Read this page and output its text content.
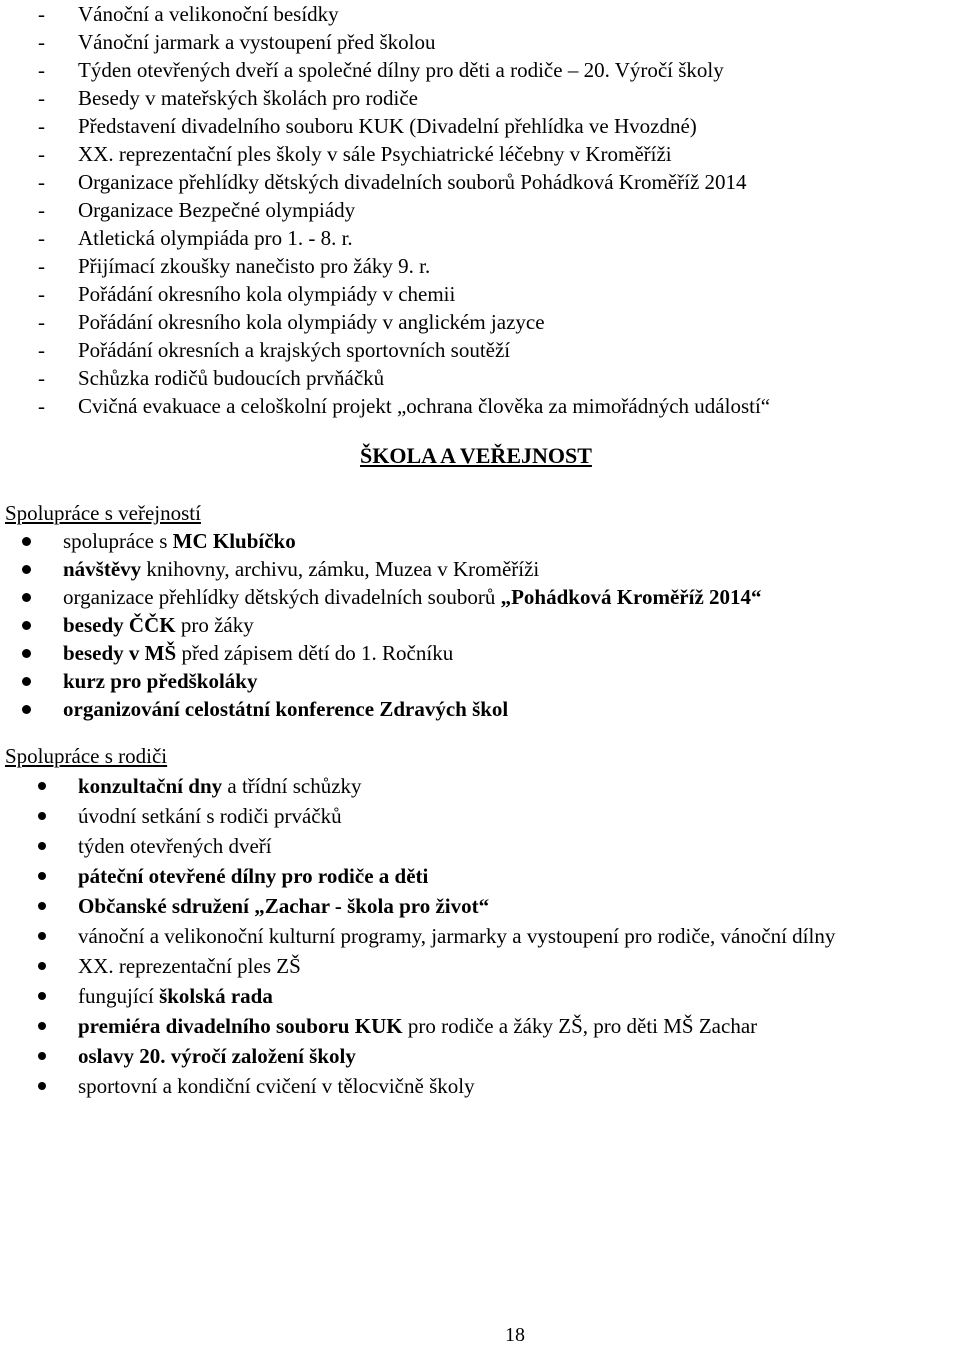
- Vánoční a velikonoční besídky
- Vánoční jarmark a vystoupení před školou
- Týden otevřených dveří a společné dílny pro děti a rodiče – 20. Výročí školy
- Besedy v mateřských školách pro rodiče
- Představení divadelního souboru KUK (Divadelní přehlídka ve Hvozdné)
- XX. reprezentační ples školy v sále Psychiatrické léčebny v Kroměříži
- Organizace přehlídky dětských divadelních souborů Pohádková Kroměříž 2014
- Organizace Bezpečné olympiády
- Atletická olympiáda pro 1. - 8. r.
- Přijímací zkoušky nanečisto pro žáky 9. r.
- Pořádání okresního kola olympiády v chemii
- Pořádání okresního kola olympiády v anglickém jazyce
- Pořádání okresních a krajských sportovních soutěží
- Schůzka rodičů budoucích prvňáčků
- Cvičná evakuace a celoškolní projekt „ochrana člověka za mimořádných událostí“
ŠKOLA A VEŘEJNOST
Spolupráce s veřejností
spolupráce s MC Klubíčko
návštěvy knihovny, archivu, zámku, Muzea v Kroměříži
organizace přehlídky dětských divadelních souborů „Pohádková Kroměříž 2014“
besedy ČČK pro žáky
besedy v MŠ před zápisem dětí do 1. Ročníku
kurz pro předškoláky
organizování celostátní konference Zdravých škol
Spolupráce s rodiči
konzultační dny a třídní schůzky
úvodní setkání s rodiči prváčků
týden otevřených dveří
páteční otevřené dílny pro rodiče a děti
Občanské sdružení „Zachar - škola pro život“
vánoční a velikonoční kulturní programy, jarmarky a vystoupení pro rodiče, vánoční dílny
XX. reprezentační ples ZŠ
fungující školská rada
premiéra divadelního souboru KUK pro rodiče a žáky ZŠ, pro děti MŠ Zachar
oslavy 20. výročí založení školy
sportovní a kondiční cvičení v tělocvičně školy
18
